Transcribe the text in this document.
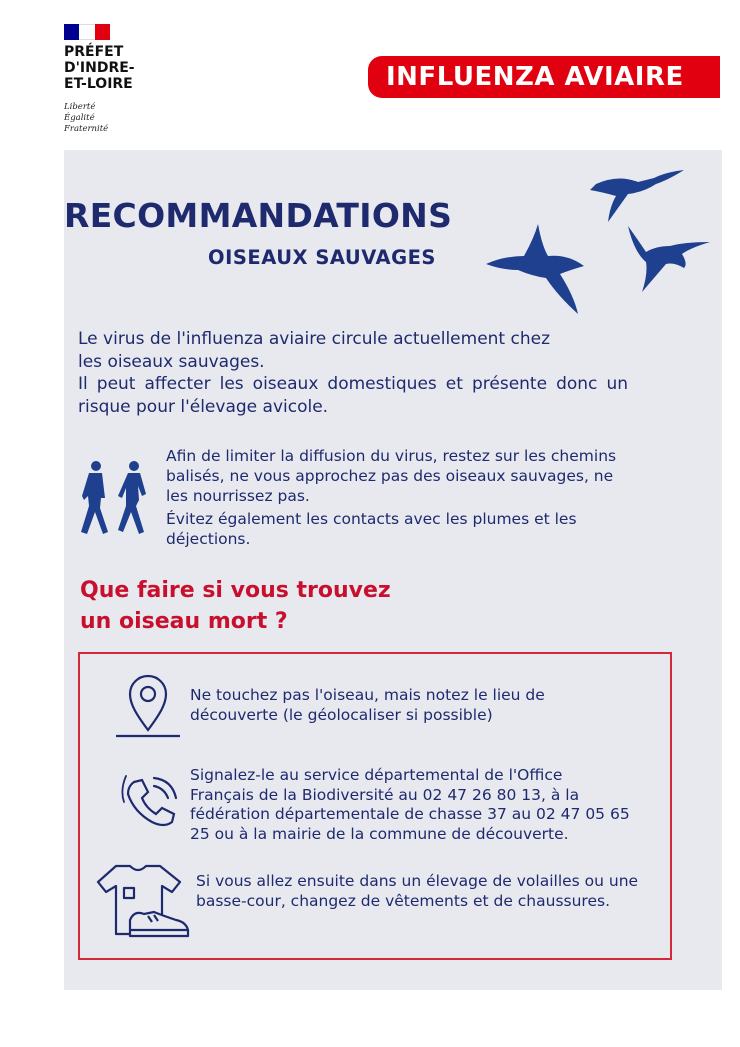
PRÉFET
D'INDRE-
ET-LOIRE
Liberté
Égalité
Fraternité
INFLUENZA AVIAIRE
RECOMMANDATIONS
OISEAUX SAUVAGES

Le virus de l'influenza aviaire circule actuellement chez les oiseaux sauvages.

Il peut affecter les oiseaux domestiques et présente donc un risque pour l'élevage avicole.

Afin de limiter la diffusion du virus, restez sur les chemins balisés, ne vous approchez pas des oiseaux sauvages, ne les nourrissez pas.

Évitez également les contacts avec les plumes et les déjections.

Que faire si vous trouvez
un oiseau mort ?
Ne touchez pas l'oiseau, mais notez le lieu de découverte (le géolocaliser si possible)
Signalez-le au service départemental de l'Office Français de la Biodiversité au 02 47 26 80 13, à la fédération départementale de chasse 37 au 02 47 05 65 25 ou à la mairie de la commune de découverte.
Si vous allez ensuite dans un élevage de volailles ou une basse-cour, changez de vêtements et de chaussures.
